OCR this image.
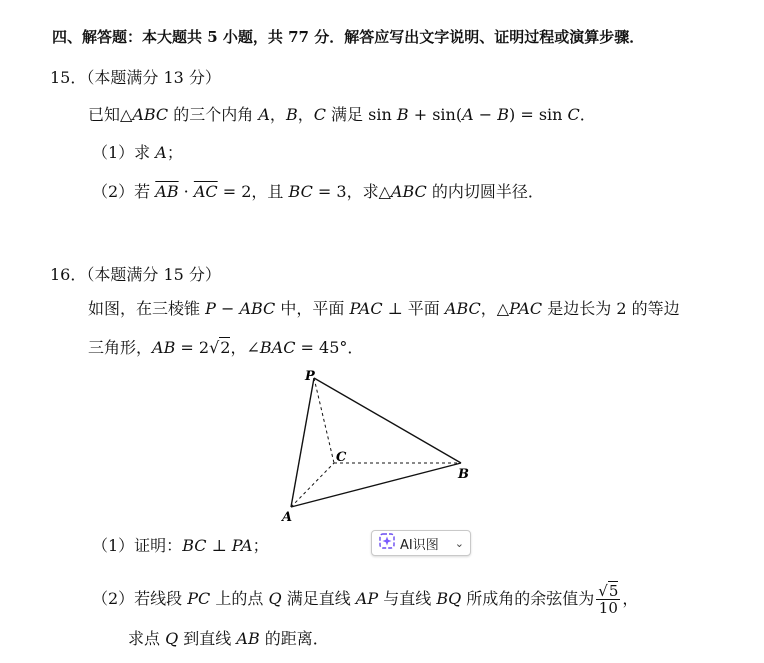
四、解答题：本大题共 5 小题，共 77 分．解答应写出文字说明、证明过程或演算步骤．
15．（本题满分 13 分）
已知△ABC 的三个内角 A，B，C 满足 sin B + sin(A − B) = sin C．
（1）求 A；
（2）若 $\overline{AB} \cdot \overline{AC} = 2$，且 BC = 3，求△ABC 的内切圆半径．
16．（本题满分 15 分）
如图，在三棱锥 P − ABC 中，平面 PAC ⊥ 平面 ABC，△PAC 是边长为 2 的等边
三角形，AB = 2√2，∠BAC = 45°．
P
A
B
C
（1）证明：BC ⊥ PA；	AI识图 ⌄
（2）若线段 PC 上的点 Q 满足直线 AP 与直线 BQ 所成角的余弦值为 $\frac{√5}{10}$ ，
求点 Q 到直线 AB 的距离．
